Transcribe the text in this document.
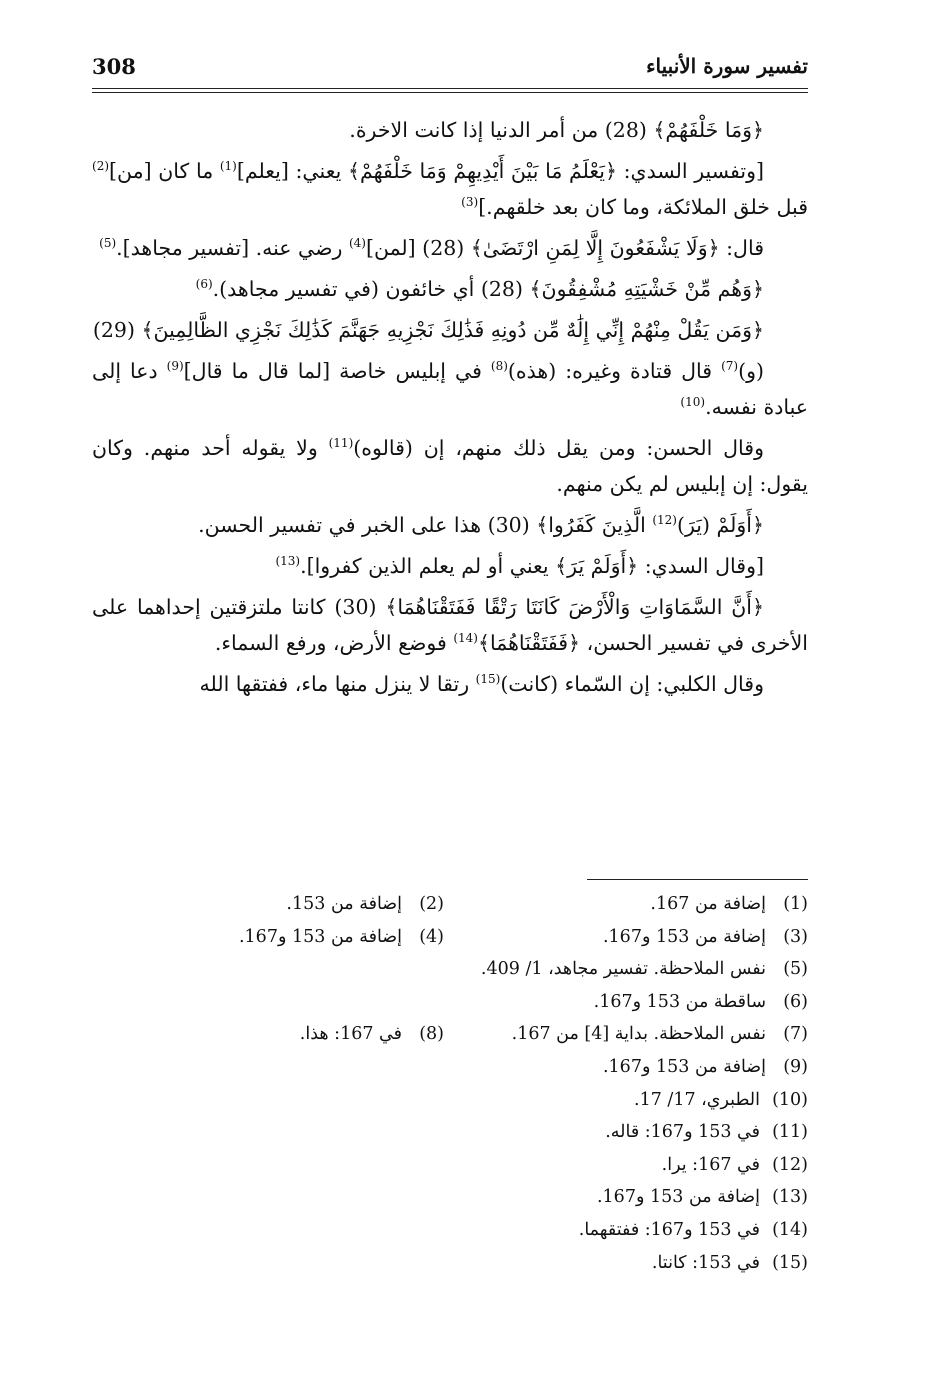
308	تفسير سورة الأنبياء

﴿وَمَا خَلْفَهُمْ﴾ (28) من أمر الدنيا إذا كانت الاخرة.

[وتفسير السدي: ﴿يَعْلَمُ مَا بَيْنَ أَيْدِيهِمْ وَمَا خَلْفَهُمْ﴾ يعني: [يعلم]$^{(1)}$ ما كان [من]$^{(2)}$ قبل خلق الملائكة، وما كان بعد خلقهم.]$^{(3)}$

قال: ﴿وَلَا يَشْفَعُونَ إِلَّا لِمَنِ ارْتَضَىٰ﴾ (28) [لمن]$^{(4)}$ رضي عنه. [تفسير مجاهد].$^{(5)}$

﴿وَهُم مِّنْ خَشْيَتِهِ مُشْفِقُونَ﴾ (28) أي خائفون (في تفسير مجاهد).$^{(6)}$

﴿وَمَن يَقُلْ مِنْهُمْ إِنِّي إِلَٰهٌ مِّن دُونِهِ فَذَٰلِكَ نَجْزِيهِ جَهَنَّمَ كَذَٰلِكَ نَجْزِي الظَّالِمِينَ﴾ (29)

(و)$^{(7)}$ قال قتادة وغيره: (هذه)$^{(8)}$ في إبليس خاصة [لما قال ما قال]$^{(9)}$ دعا إلى عبادة نفسه.$^{(10)}$

وقال الحسن: ومن يقل ذلك منهم، إن (قالوه)$^{(11)}$ ولا يقوله أحد منهم. وكان يقول: إن إبليس لم يكن منهم.

﴿أَوَلَمْ (يَرَ)$^{(12)}$ الَّذِينَ كَفَرُوا﴾ (30) هذا على الخبر في تفسير الحسن.

[وقال السدي: ﴿أَوَلَمْ يَرَ﴾ يعني أو لم يعلم الذين كفروا].$^{(13)}$

﴿أَنَّ السَّمَاوَاتِ وَالْأَرْضَ كَانَتَا رَتْقًا فَفَتَقْنَاهُمَا﴾ (30) كانتا ملتزقتين إحداهما على الأخرى في تفسير الحسن، ﴿فَفَتَقْنَاهُمَا﴾$^{(14)}$ فوضع الأرض، ورفع السماء.

وقال الكلبي: إن السّماء (كانت)$^{(15)}$ رتقا لا ينزل منها ماء، ففتقها الله

(1)
إضافة من 167.
(2)
إضافة من 153.
(3)
إضافة من 153 و167.
(4)
إضافة من 153 و167.
(5)
نفس الملاحظة. تفسير مجاهد، 1/ 409.
(6)
ساقطة من 153 و167.
(7)
نفس الملاحظة. بداية [4] من 167.
(8)
في 167: هذا.
(9)
إضافة من 153 و167.
(10)
الطبري، 17/ 17.
(11)
في 153 و167: قاله.
(12)
في 167: يرا.
(13)
إضافة من 153 و167.
(14)
في 153 و167: ففتقهما.
(15)
في 153: كانتا.
